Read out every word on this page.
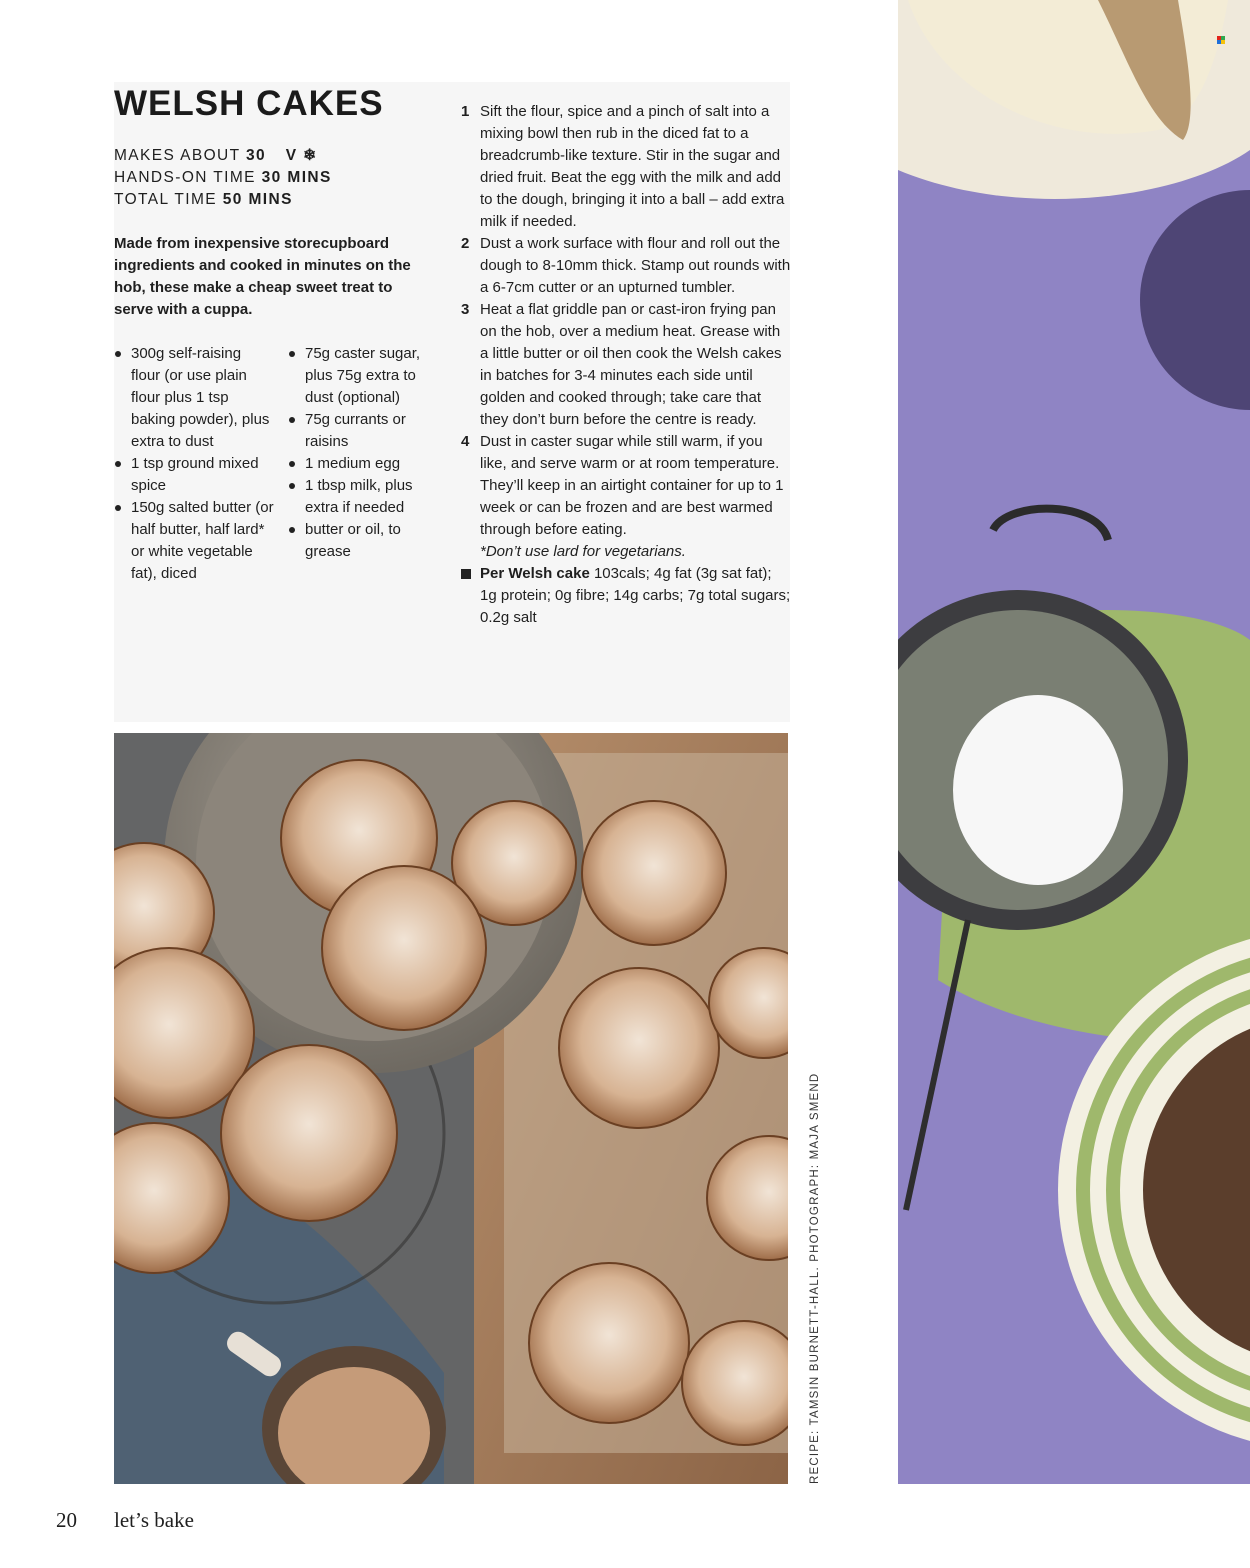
WELSH CAKES
MAKES ABOUT 30 V ❄
HANDS-ON TIME 30 MINS
TOTAL TIME 50 MINS
Made from inexpensive storecupboard ingredients and cooked in minutes on the hob, these make a cheap sweet treat to serve with a cuppa.
300g self-raising flour (or use plain flour plus 1 tsp baking powder), plus extra to dust
1 tsp ground mixed spice
150g salted butter (or half butter, half lard* or white vegetable fat), diced
75g caster sugar, plus 75g extra to dust (optional)
75g currants or raisins
1 medium egg
1 tbsp milk, plus extra if needed
butter or oil, to grease
1 Sift the flour, spice and a pinch of salt into a mixing bowl then rub in the diced fat to a breadcrumb-like texture. Stir in the sugar and dried fruit. Beat the egg with the milk and add to the dough, bringing it into a ball – add extra milk if needed.
2 Dust a work surface with flour and roll out the dough to 8-10mm thick. Stamp out rounds with a 6-7cm cutter or an upturned tumbler.
3 Heat a flat griddle pan or cast-iron frying pan on the hob, over a medium heat. Grease with a little butter or oil then cook the Welsh cakes in batches for 3-4 minutes each side until golden and cooked through; take care that they don’t burn before the centre is ready.
4 Dust in caster sugar while still warm, if you like, and serve warm or at room temperature. They’ll keep in an airtight container for up to 1 week or can be frozen and are best warmed through before eating.
*Don’t use lard for vegetarians.
Per Welsh cake 103cals; 4g fat (3g sat fat); 1g protein; 0g fibre; 14g carbs; 7g total sugars; 0.2g salt
RECIPE: TAMSIN BURNETT-HALL. PHOTOGRAPH: MAJA SMEND
20 let’s bake
